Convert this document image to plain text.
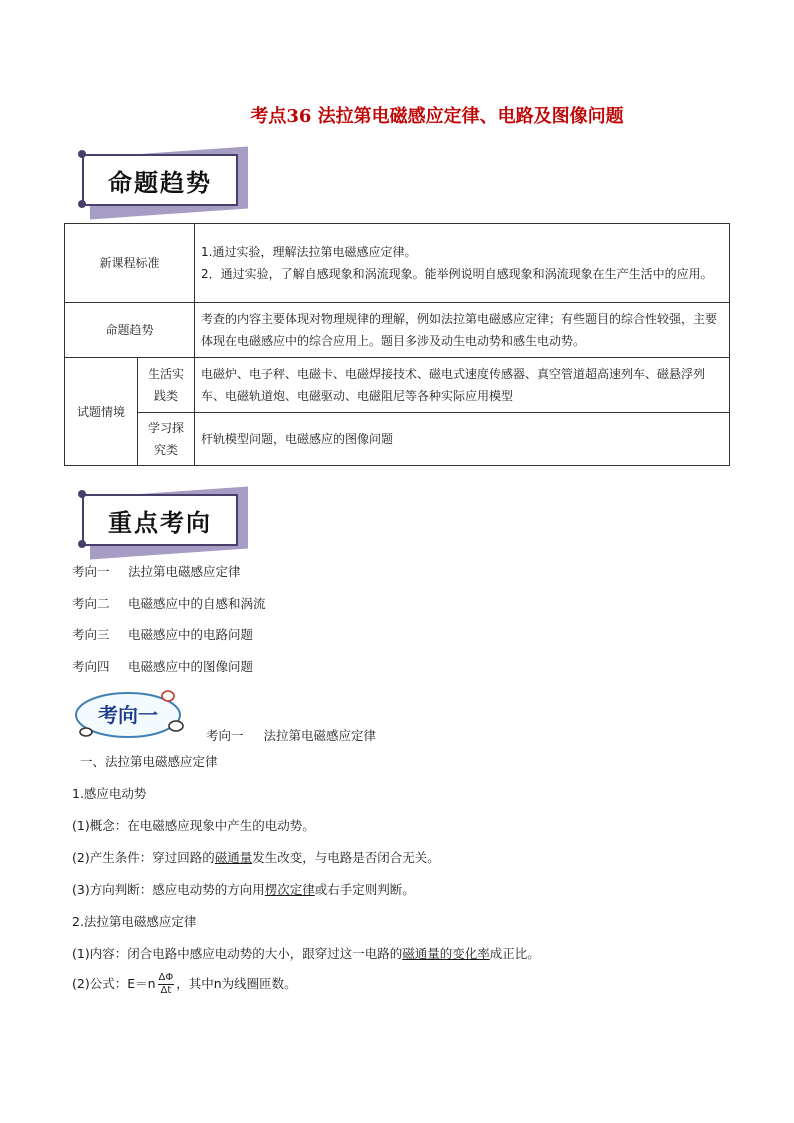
考点36 法拉第电磁感应定律、电路及图像问题
命题趋势
新课程标准		1.通过实验，理解法拉第电磁感应定律。
2．通过实验，了解自感现象和涡流现象。能举例说明自感现象和涡流现象在生产生活中的应用。

命题趋势		考查的内容主要体现对物理规律的理解，例如法拉第电磁感应定律；有些题目的综合性较强，主要体现在电磁感应中的综合应用上。题目多涉及动生电动势和感生电动势。
试题情境	生活实践类	电磁炉、电子秤、电磁卡、电磁焊接技术、磁电式速度传感器、真空管道超高速列车、磁悬浮列车、电磁轨道炮、电磁驱动、电磁阻尼等各种实际应用模型
	学习探究类	杆轨模型问题，电磁感应的图像问题
重点考向
考向一 法拉第电磁感应定律
考向二 电磁感应中的自感和涡流
考向三 电磁感应中的电路问题
考向四 电磁感应中的图像问题
考向一
考向一 法拉第电磁感应定律
一、法拉第电磁感应定律
1.感应电动势
(1)概念：在电磁感应现象中产生的电动势。
(2)产生条件：穿过回路的磁通量发生改变，与电路是否闭合无关。
(3)方向判断：感应电动势的方向用楞次定律或右手定则判断。
2.法拉第电磁感应定律
(1)内容：闭合电路中感应电动势的大小，跟穿过这一电路的磁通量的变化率成正比。
(2)公式：$E=n \frac{\Delta\Phi}{\Delta t}$ ，其中n为线圈匝数。
